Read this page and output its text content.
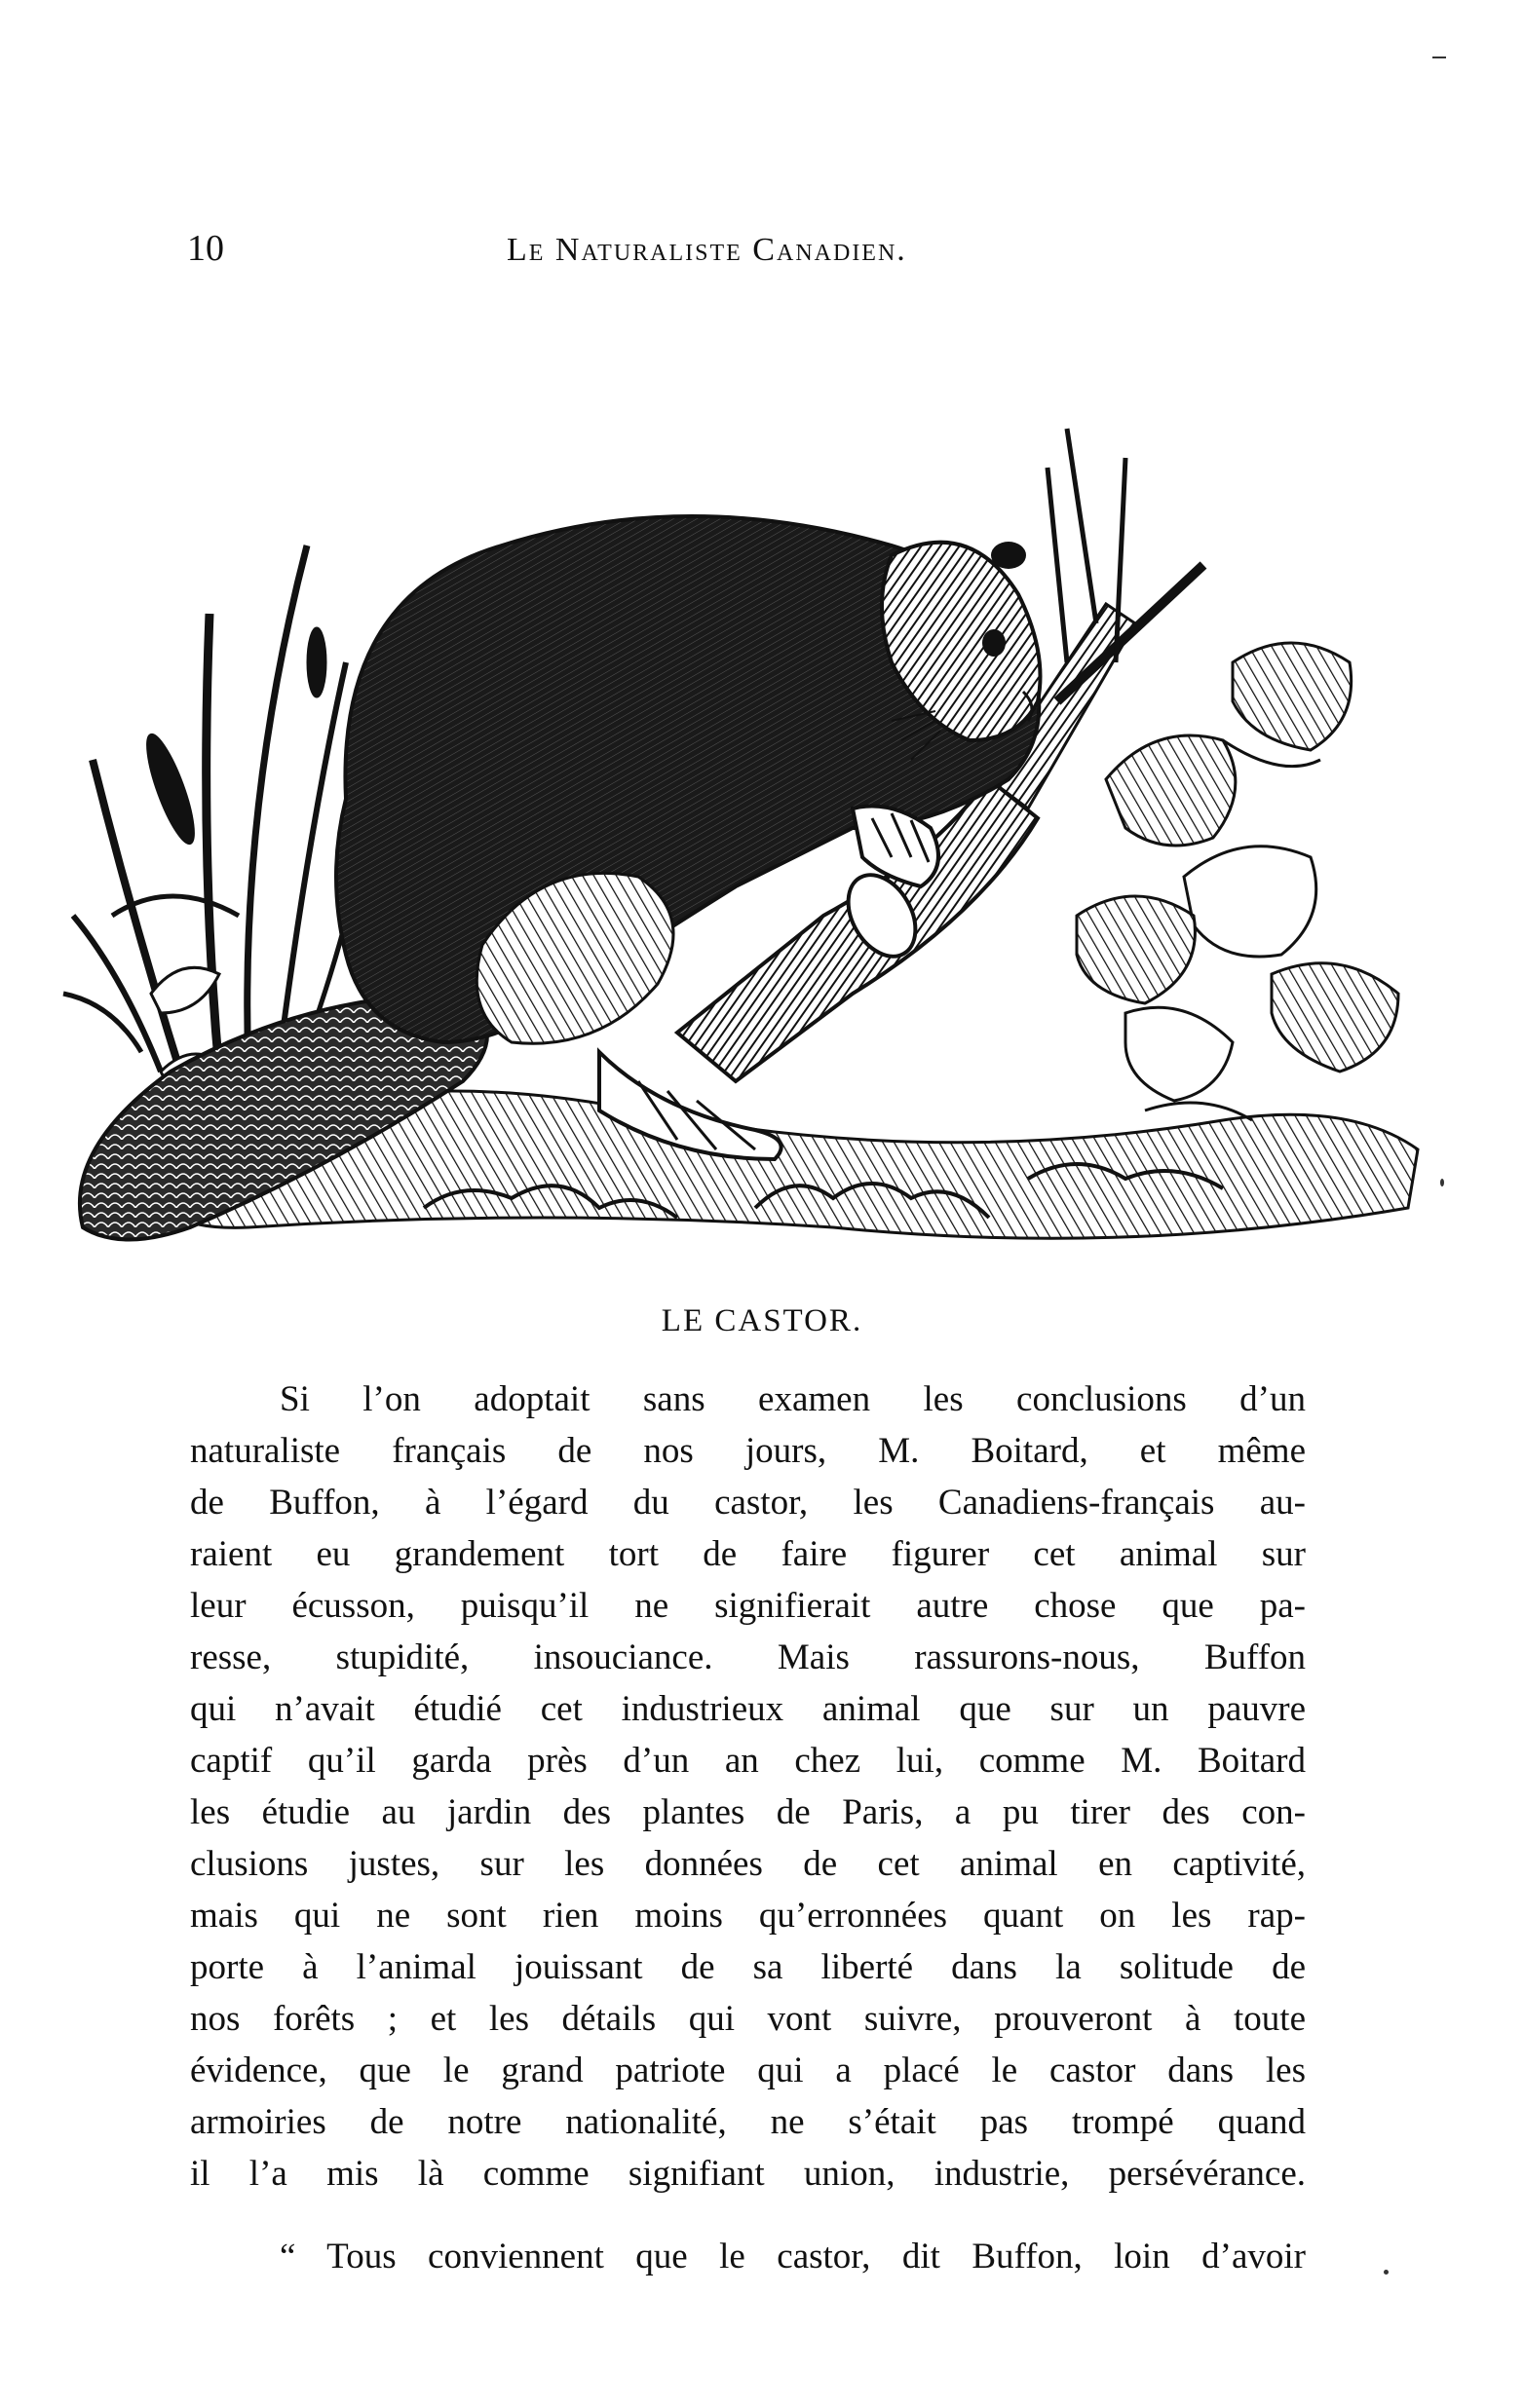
10	Le Naturaliste Canadien.
LE CASTOR.
Si l’on adoptait sans examen les conclusions d’un
naturaliste français de nos jours, M. Boitard, et même
de Buffon, à l’égard du castor, les Canadiens-français au-
raient eu grandement tort de faire figurer cet animal sur
leur écusson, puisqu’il ne signifierait autre chose que pa-
resse, stupidité, insouciance. Mais rassurons-nous, Buffon
qui n’avait étudié cet industrieux animal que sur un pauvre
captif qu’il garda près d’un an chez lui, comme M. Boitard
les étudie au jardin des plantes de Paris, a pu tirer des con-
clusions justes, sur les données de cet animal en captivité,
mais qui ne sont rien moins qu’erronnées quant on les rap-
porte à l’animal jouissant de sa liberté dans la solitude de
nos forêts ; et les détails qui vont suivre, prouveront à toute
évidence, que le grand patriote qui a placé le castor dans les
armoiries de notre nationalité, ne s’était pas trompé quand
il l’a mis là comme signifiant union, industrie, persévérance.
“ Tous conviennent que le castor, dit Buffon, loin d’avoir
